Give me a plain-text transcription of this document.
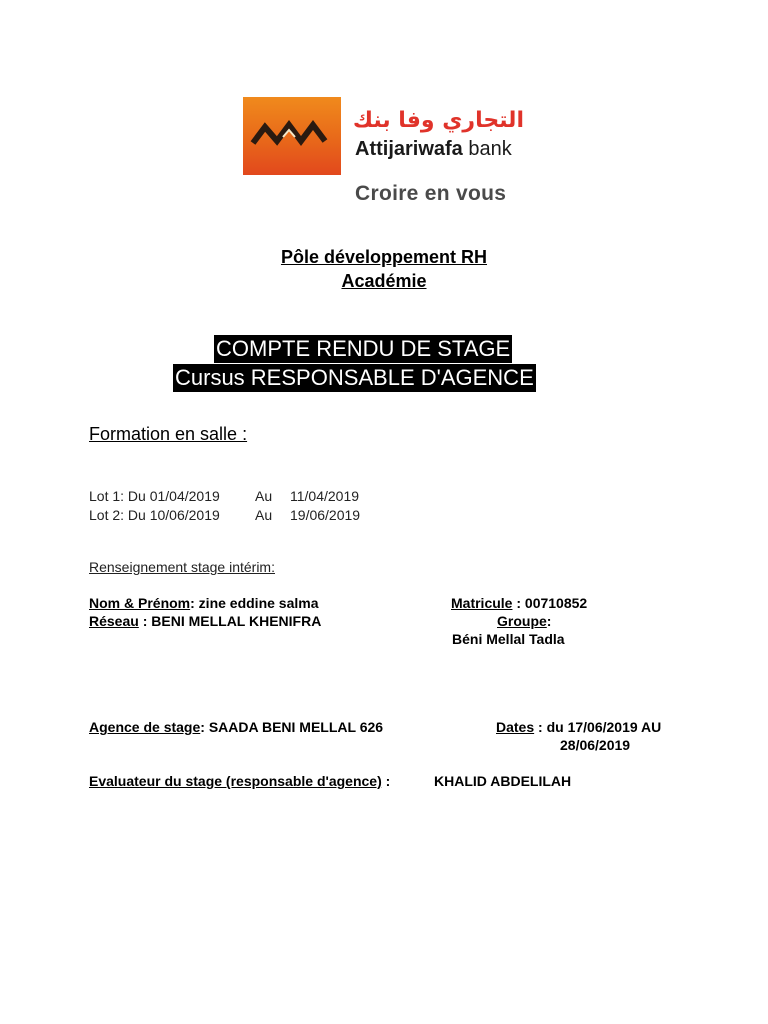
التجاري وفا بنك
Attijariwafa bank
Croire en vous
Pôle développement RH
Académie
COMPTE RENDU DE STAGE
Cursus RESPONSABLE D'AGENCE
Formation en salle :
Lot 1: Du 01/04/2019	Au 11/04/2019
Lot 2: Du 10/06/2019	Au 19/06/2019
Renseignement stage intérim:
Nom & Prénom: zine eddine salma	Matricule : 00710852
Réseau : BENI MELLAL KHENIFRA	Groupe:
Béni Mellal Tadla
Agence de stage: SAADA BENI MELLAL 626	Dates : du 17/06/2019 AU
28/06/2019
Evaluateur du stage (responsable d'agence) :	KHALID ABDELILAH
